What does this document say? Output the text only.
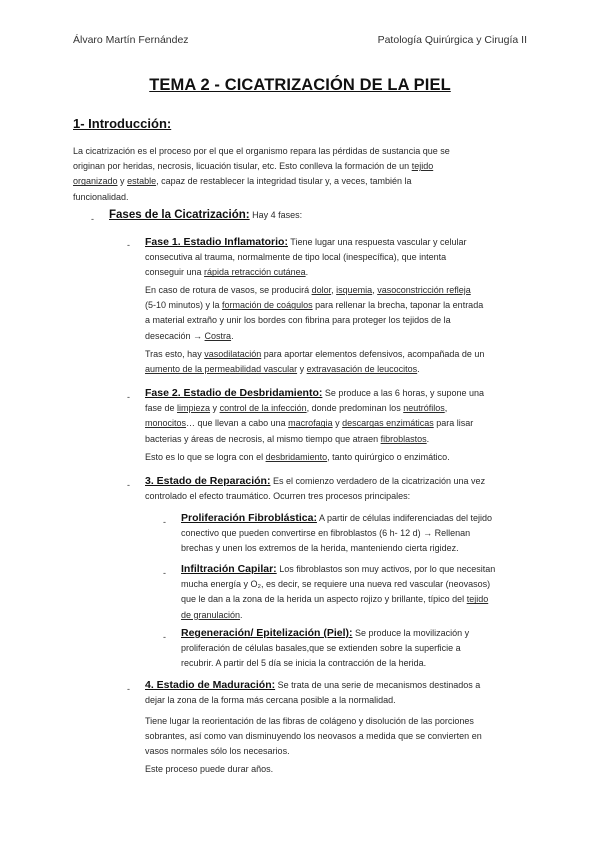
Álvaro Martín Fernández	Patología Quirúrgica y Cirugía II
TEMA 2 - CICATRIZACIÓN DE LA PIEL
1- Introducción:
La cicatrización es el proceso por el que el organismo repara las pérdidas de sustancia que se
originan por heridas, necrosis, licuación tisular, etc. Esto conlleva la formación de un tejido
organizado y estable, capaz de restablecer la integridad tisular y, a veces, también la
funcionalidad.
- Fases de la Cicatrización: Hay 4 fases:
- Fase 1. Estadio Inflamatorio: Tiene lugar una respuesta vascular y celular
consecutiva al trauma, normalmente de tipo local (inespecífica), que intenta
conseguir una rápida retracción cutánea.
En caso de rotura de vasos, se producirá dolor, isquemia, vasoconstricción refleja
(5-10 minutos) y la formación de coágulos para rellenar la brecha, taponar la entrada
a material extraño y unir los bordes con fibrina para proteger los tejidos de la
desecación → Costra.
Tras esto, hay vasodilatación para aportar elementos defensivos, acompañada de un
aumento de la permeabilidad vascular y extravasación de leucocitos.
- Fase 2. Estadio de Desbridamiento: Se produce a las 6 horas, y supone una
fase de limpieza y control de la infección, donde predominan los neutrófilos,
monocitos… que llevan a cabo una macrofagia y descargas enzimáticas para lisar
bacterias y áreas de necrosis, al mismo tiempo que atraen fibroblastos.
Esto es lo que se logra con el desbridamiento, tanto quirúrgico o enzimático.
- 3. Estado de Reparación: Es el comienzo verdadero de la cicatrización una vez
controlado el efecto traumático. Ocurren tres procesos principales:
- Proliferación Fibroblástica: A partir de células indiferenciadas del tejido
conectivo que pueden convertirse en fibroblastos (6 h- 12 d) → Rellenan
brechas y unen los extremos de la herida, manteniendo cierta rigidez.
- Infiltración Capilar: Los fibroblastos son muy activos, por lo que necesitan
mucha energía y O₂, es decir, se requiere una nueva red vascular (neovasos)
que le dan a la zona de la herida un aspecto rojizo y brillante, típico del tejido
de granulación.
- Regeneración/ Epitelización (Piel): Se produce la movilización y
proliferación de células basales,que se extienden sobre la superficie a
recubrir. A partir del 5 día se inicia la contracción de la herida.
- 4. Estadio de Maduración: Se trata de una serie de mecanismos destinados a
dejar la zona de la forma más cercana posible a la normalidad.
Tiene lugar la reorientación de las fibras de colágeno y disolución de las porciones
sobrantes, así como van disminuyendo los neovasos a medida que se convierten en
vasos normales sólo los necesarios.
Este proceso puede durar años.
